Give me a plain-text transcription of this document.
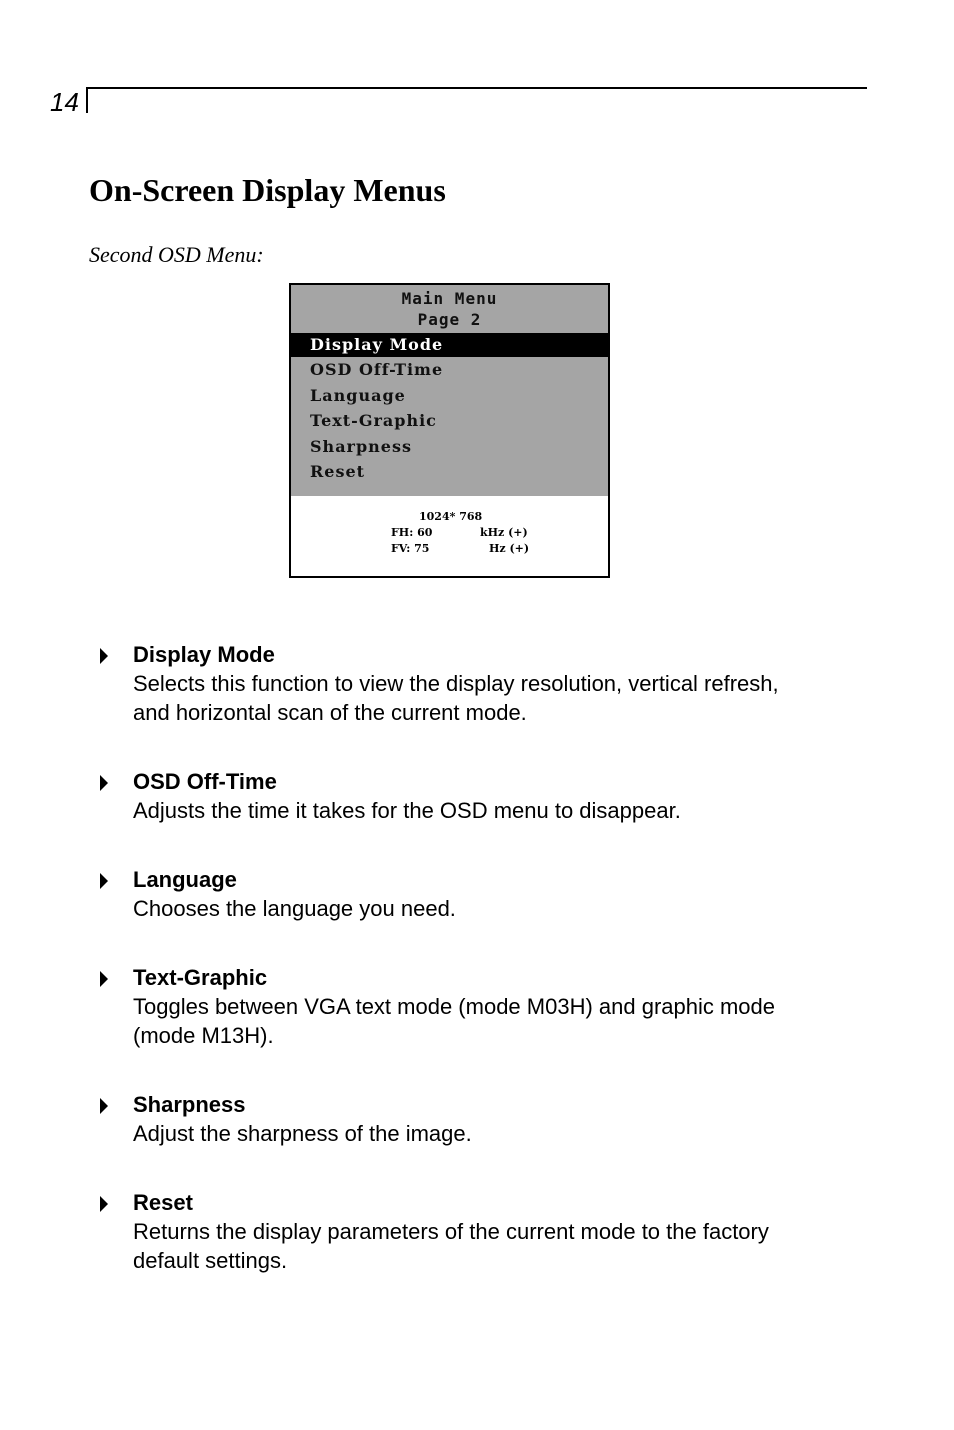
14
On-Screen Display Menus
Second OSD Menu:
Main Menu
Page 2
Display Mode
OSD Off-Time
Language
Text-Graphic
Sharpness
Reset
1024* 768
FH: 60	kHz (+)
FV: 75	Hz (+)
Display Mode
Selects this function to view the display resolution, vertical refresh,
and horizontal scan of the current mode.
OSD Off-Time
Adjusts the time it takes for the OSD menu to disappear.
Language
Chooses the language you need.
Text-Graphic
Toggles between VGA text mode (mode M03H) and graphic mode
(mode M13H).
Sharpness
Adjust the sharpness of the image.
Reset
Returns the display parameters of the current mode to the factory
default settings.
